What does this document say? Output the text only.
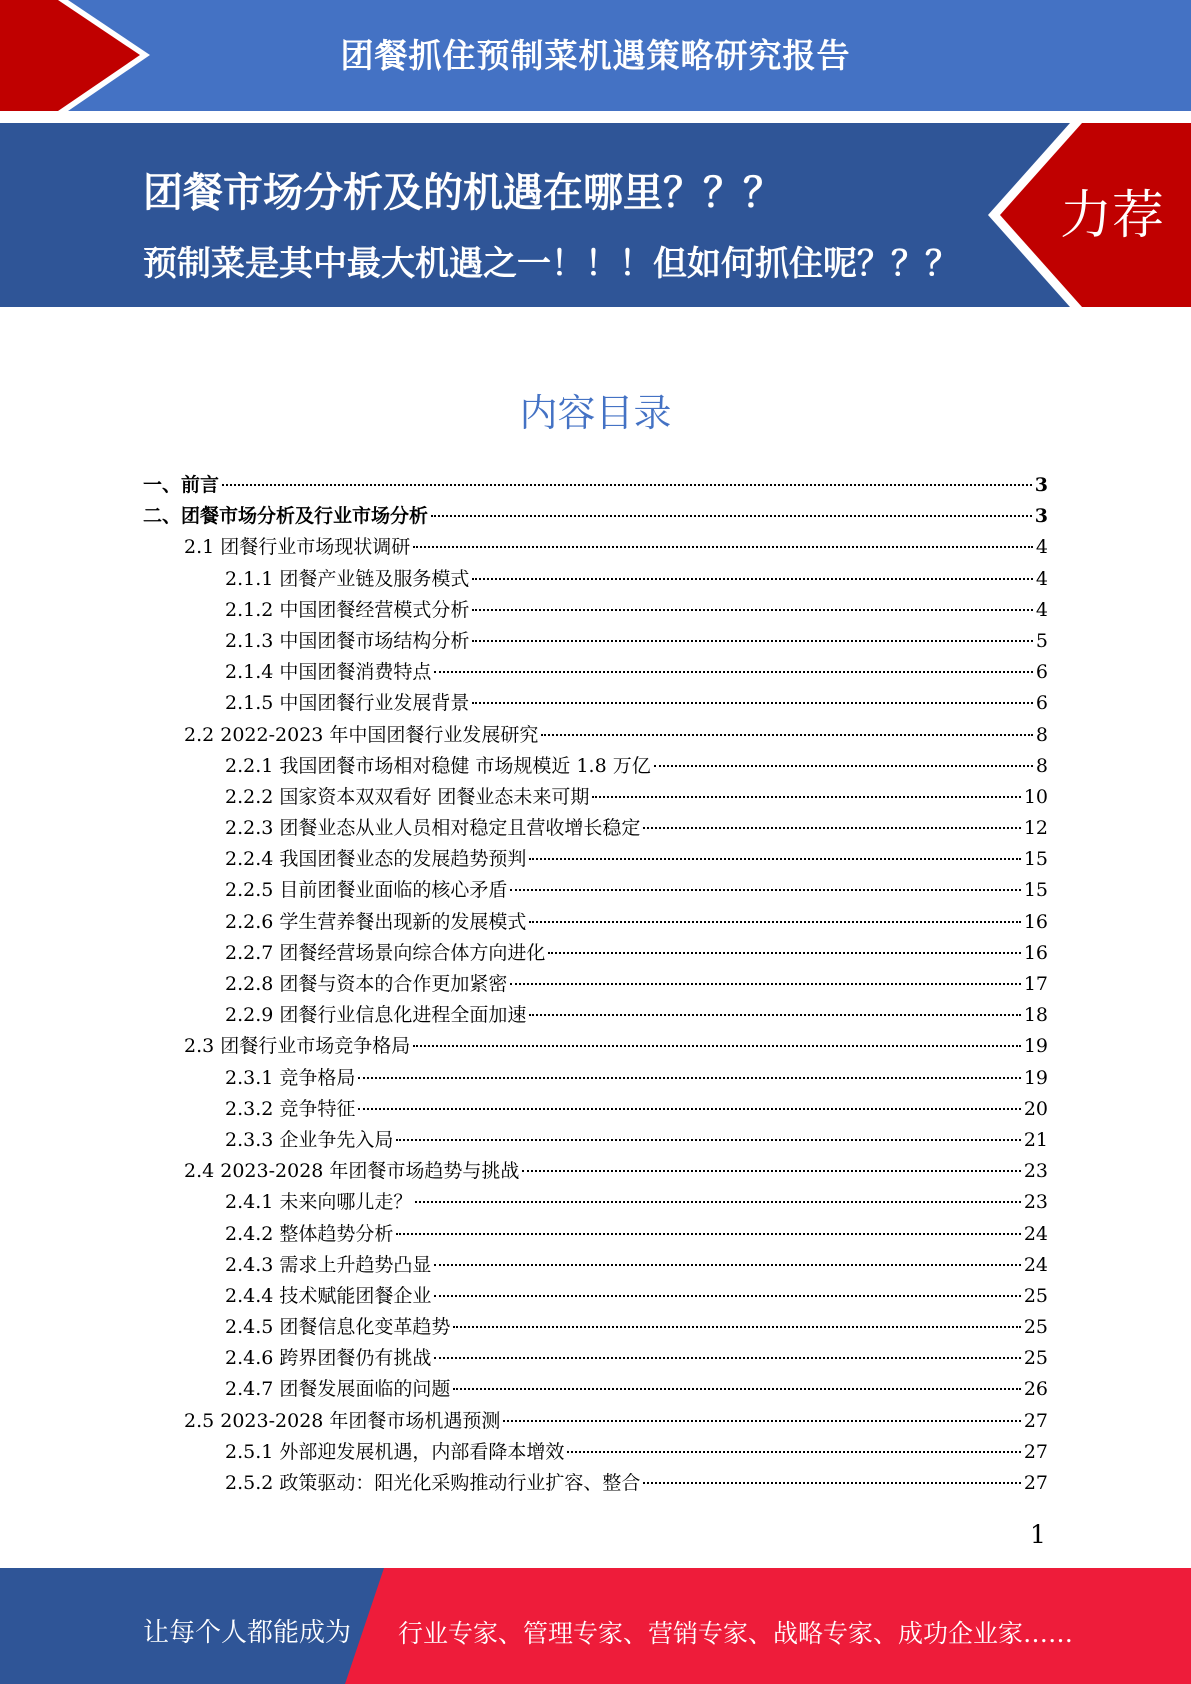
团餐抓住预制菜机遇策略研究报告
团餐市场分析及的机遇在哪里？？？
预制菜是其中最大机遇之一！！！但如何抓住呢？？？
力荐
内容目录
一、前言	3
二、团餐市场分析及行业市场分析	3
2.1 团餐行业市场现状调研	4
2.1.1 团餐产业链及服务模式	4
2.1.2 中国团餐经营模式分析	4
2.1.3 中国团餐市场结构分析	5
2.1.4 中国团餐消费特点	6
2.1.5 中国团餐行业发展背景	6
2.2 2022-2023 年中国团餐行业发展研究	8
2.2.1 我国团餐市场相对稳健 市场规模近 1.8 万亿	8
2.2.2 国家资本双双看好 团餐业态未来可期	10
2.2.3 团餐业态从业人员相对稳定且营收增长稳定	12
2.2.4 我国团餐业态的发展趋势预判	15
2.2.5 目前团餐业面临的核心矛盾	15
2.2.6 学生营养餐出现新的发展模式	16
2.2.7 团餐经营场景向综合体方向进化	16
2.2.8 团餐与资本的合作更加紧密	17
2.2.9 团餐行业信息化进程全面加速	18
2.3 团餐行业市场竞争格局	19
2.3.1 竞争格局	19
2.3.2 竞争特征	20
2.3.3 企业争先入局	21
2.4 2023-2028 年团餐市场趋势与挑战	23
2.4.1 未来向哪儿走？	23
2.4.2 整体趋势分析	24
2.4.3 需求上升趋势凸显	24
2.4.4 技术赋能团餐企业	25
2.4.5 团餐信息化变革趋势	25
2.4.6 跨界团餐仍有挑战	25
2.4.7 团餐发展面临的问题	26
2.5 2023-2028 年团餐市场机遇预测	27
2.5.1 外部迎发展机遇，内部看降本增效	27
2.5.2 政策驱动：阳光化采购推动行业扩容、整合	27
1
让每个人都能成为 行业专家、管理专家、营销专家、战略专家、成功企业家……
